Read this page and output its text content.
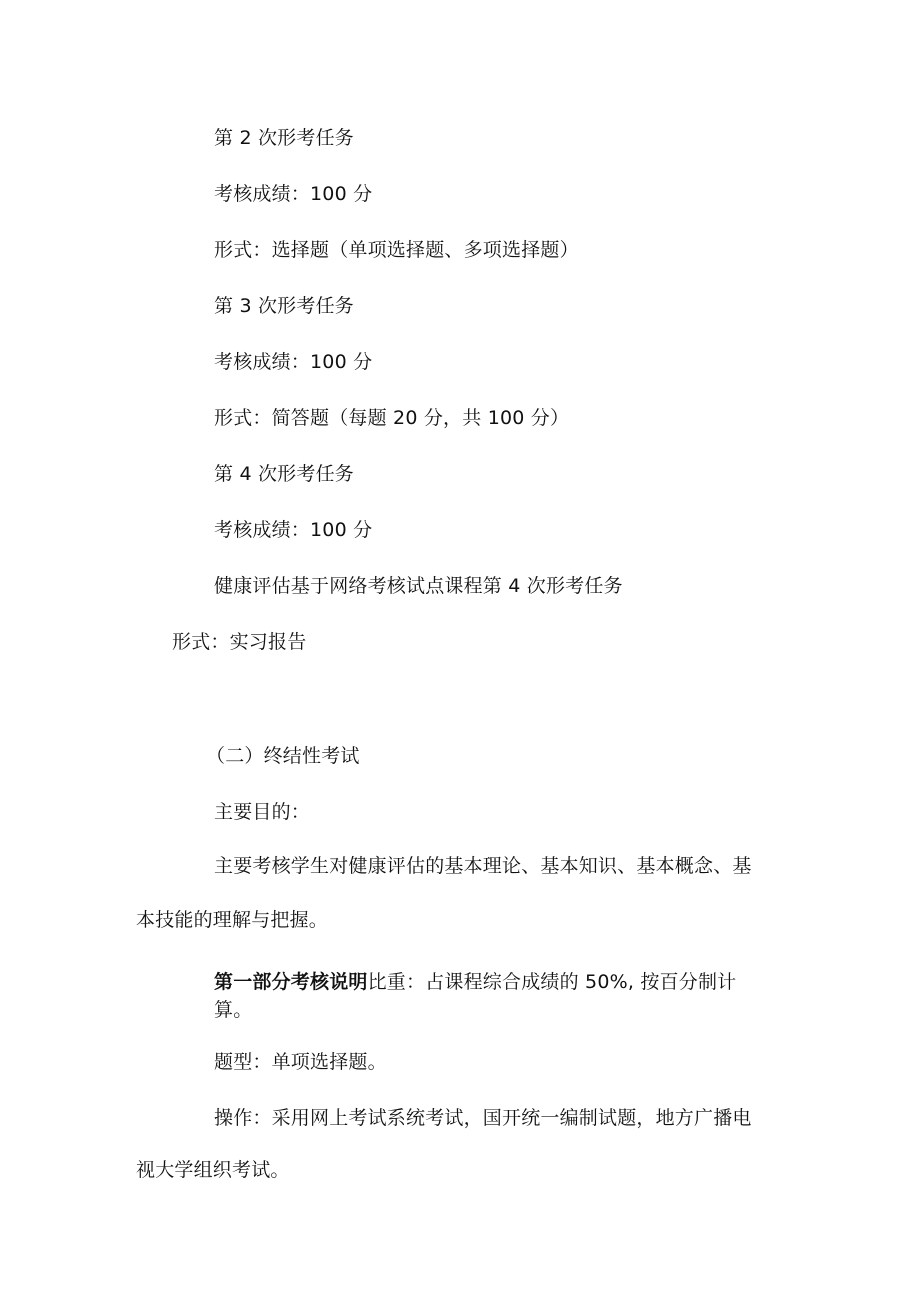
第 2 次形考任务
考核成绩：100 分
形式：选择题（单项选择题、多项选择题）
第 3 次形考任务
考核成绩：100 分
形式：简答题（每题 20 分，共 100 分）
第 4 次形考任务
考核成绩：100 分
健康评估基于网络考核试点课程第 4 次形考任务
形式：实习报告
（二）终结性考试
主要目的：
主要考核学生对健康评估的基本理论、基本知识、基本概念、基
本技能的理解与把握。
第一部分考核说明比重：占课程综合成绩的 50%, 按百分制计算。
题型：单项选择题。
操作：采用网上考试系统考试，国开统一编制试题，地方广播电
视大学组织考试。
